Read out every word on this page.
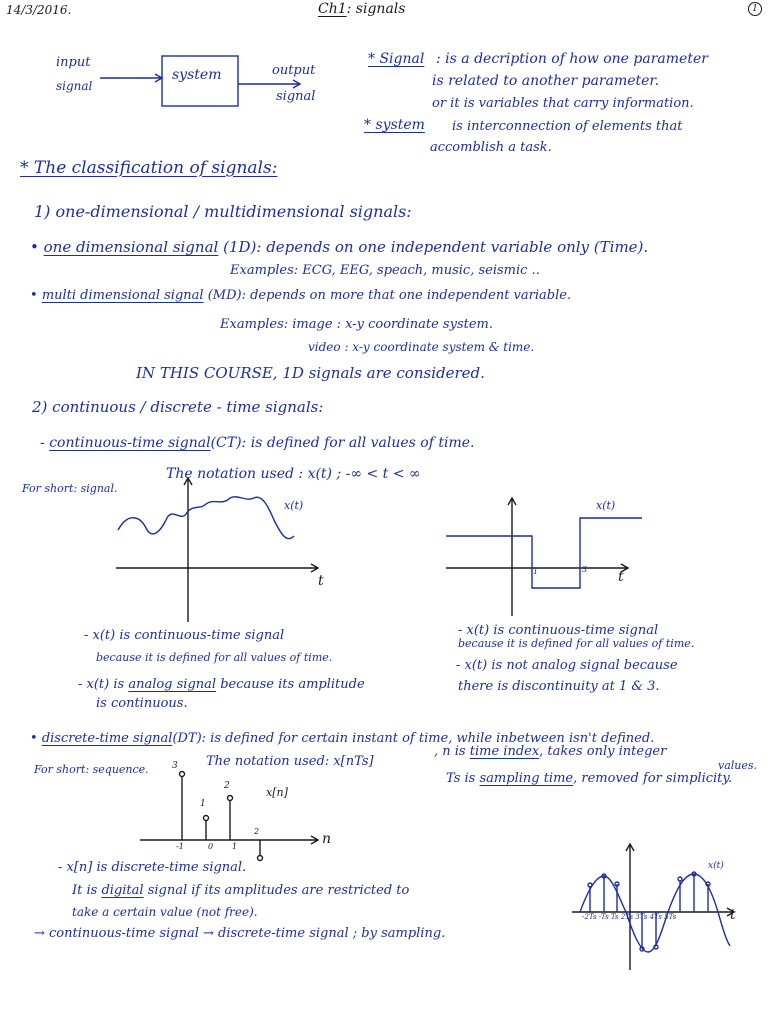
14/3/2016.	Ch1: signals	1
input
signal
system	output
signal
* Signal : is a decription of how one parameter
is related to another parameter.
or it is variables that carry information.
* system is interconnection of elements that
accomblish a task.
* The classification of signals:
1) one-dimensional / multidimensional signals:
• one dimensional signal (1D): depends on one independent variable only (Time).
Examples: ECG, EEG, speach, music, seismic ..
• multi dimensional signal (MD): depends on more that one independent variable.
Examples: image : x-y coordinate system.
video : x-y coordinate system & time.
IN THIS COURSE, 1D signals are considered.
2) continuous / discrete - time signals:
- continuous-time signal(CT): is defined for all values of time.
The notation used : x(t) ; -∞ < t < ∞
For short: signal.
x(t)
t
x(t)
t
1	3
- x(t) is continuous-time signal
because it is defined for all values of time.
- x(t) is analog signal because its amplitude
is continuous.
- x(t) is continuous-time signal
because it is defined for all values of time.
- x(t) is not analog signal because
there is discontinuity at 1 & 3.
• discrete-time signal(DT): is defined for certain instant of time, while inbetween isn't defined.
For short: sequence.
The notation used: x[nTs]
, n is time index, takes only integer
values.
Ts is sampling time, removed for simplicity.
3
1
2	x[n]
n
-1	0 1
2
- x[n] is discrete-time signal.
It is digital signal if its amplitudes are restricted to
take a certain value (not free).
→ continuous-time signal → discrete-time signal ; by sampling.
x(t)
t
-2Ts -Ts Ts 2Ts 3Ts 4Ts 5Ts
